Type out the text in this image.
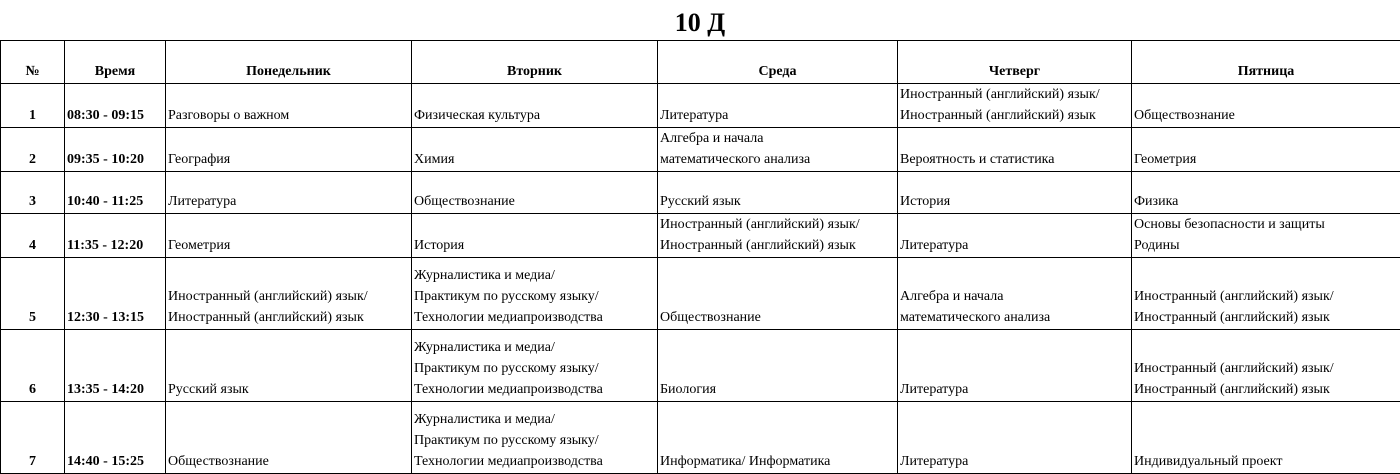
10 Д
№	Время	Понедельник	Вторник	Среда	Четверг	Пятница
1	08:30 - 09:15	Разговоры о важном	Физическая культура	Литература	Иностранный (английский) язык/
Иностранный (английский) язык	Обществознание

2	09:35 - 10:20	География	Химия	Алгебра и начала
математического анализа	Вероятность и статистика	Геометрия

3	10:40 - 11:25	Литература	Обществознание	Русский язык	История	Физика

4	11:35 - 12:20	Геометрия	История	Иностранный (английский) язык/
Иностранный (английский) язык	Литература	Основы безопасности и защиты
Родины

5	12:30 - 13:15	Иностранный (английский) язык/
Иностранный (английский) язык	Журналистика и медиа/
Практикум по русскому языку/
Технологии медиапроизводства	Обществознание	Алгебра и начала
математического анализа	Иностранный (английский) язык/
Иностранный (английский) язык

6	13:35 - 14:20	Русский язык	Журналистика и медиа/
Практикум по русскому языку/
Технологии медиапроизводства	Биология	Литература	Иностранный (английский) язык/
Иностранный (английский) язык

7	14:40 - 15:25	Обществознание	Журналистика и медиа/
Практикум по русскому языку/
Технологии медиапроизводства	Информатика/ Информатика	Литература	Индивидуальный проект
